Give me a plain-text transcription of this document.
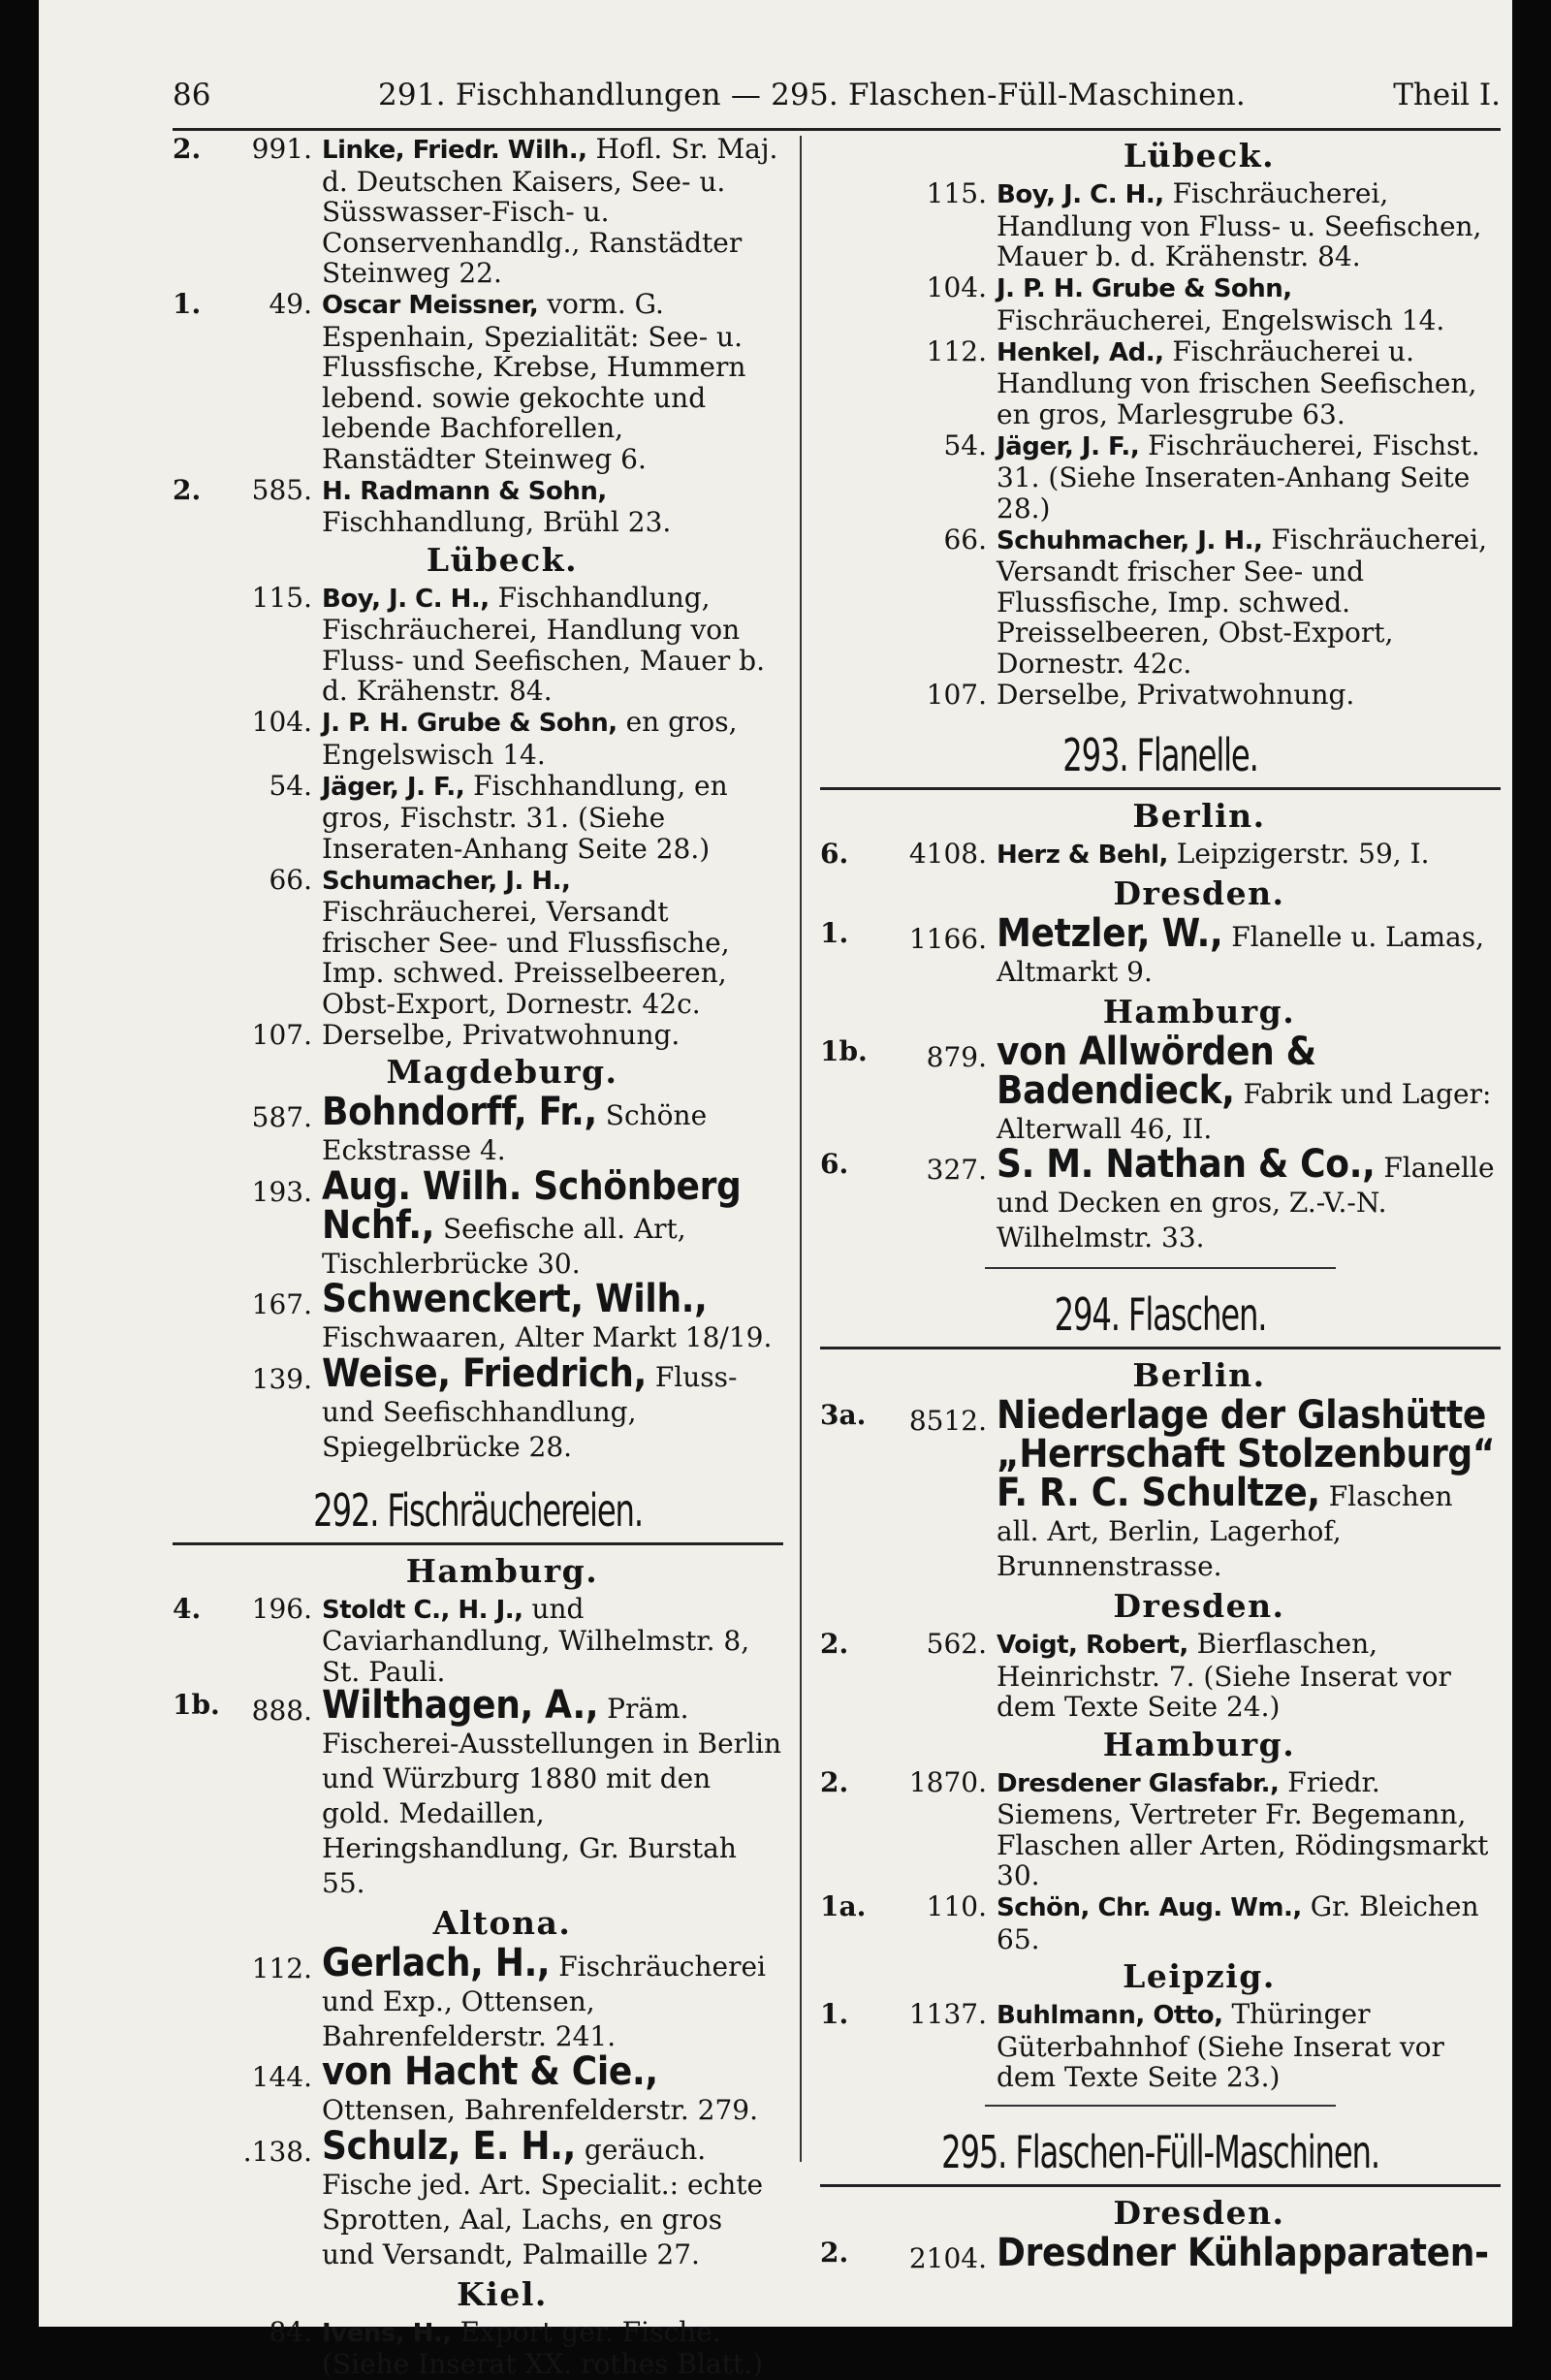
86	291. Fischhandlungen — 295. Flaschen-Füll-Maschinen.	Theil I.
2. 991. Linke, Friedr. Wilh., Hofl. Sr. Maj. d. Deutschen Kaisers, See- u. Süsswasser-Fisch- u. Conservenhandlg., Ranstädter Steinweg 22.
1.	49. Oscar Meissner, vorm. G. Espenhain, Spezialität: See- u. Flussfische, Krebse, Hummern lebend. sowie gekochte und lebende Bachforellen, Ranstädter Steinweg 6.
2. 585. H. Radmann & Sohn, Fischhandlung, Brühl 23.
Lübeck.
115. Boy, J. C. H., Fischhandlung, Fischräucherei, Handlung von Fluss- und Seefischen, Mauer b. d. Krähenstr. 84.
104. J. P. H. Grube & Sohn, en gros, Engelswisch 14.
54. Jäger, J. F., Fischhandlung, en gros, Fischstr. 31. (Siehe Inseraten-Anhang Seite 28.)
66. Schumacher, J. H., Fischräucherei, Versandt frischer See- und Flussfische, Imp. schwed. Preisselbeeren, Obst-Export, Dornestr. 42c.
107. Derselbe, Privatwohnung.
Magdeburg.
587. Bohndorff, Fr., Schöne Eckstrasse 4.
193. Aug. Wilh. Schönberg Nchf., Seefische all. Art, Tischlerbrücke 30.
167. Schwenckert, Wilh., Fischwaaren, Alter Markt 18/19.
139. Weise, Friedrich, Fluss- und Seefischhandlung, Spiegelbrücke 28.
292. Fischräuchereien.
Hamburg.
4. 196. Stoldt C., H. J., und Caviarhandlung, Wilhelmstr. 8, St. Pauli.
1b. 888. Wilthagen, A., Präm. Fischerei-Ausstellungen in Berlin und Würzburg 1880 mit den gold. Medaillen, Heringshandlung, Gr. Burstah 55.
Altona.
112. Gerlach, H., Fischräucherei und Exp., Ottensen, Bahrenfelderstr. 241.
144. von Hacht & Cie., Ottensen, Bahrenfelderstr. 279.
.138. Schulz, E. H., geräuch. Fische jed. Art. Specialit.: echte Sprotten, Aal, Lachs, en gros und Versandt, Palmaille 27.
Kiel.
84. Ivens, H., Export ger. Fische. (Siehe Inserat XX. rothes Blatt.)
Lübeck.
115. Boy, J. C. H., Fischräucherei, Handlung von Fluss- u. Seefischen, Mauer b. d. Krähenstr. 84.
104. J. P. H. Grube & Sohn, Fischräucherei, Engelswisch 14.
112. Henkel, Ad., Fischräucherei u. Handlung von frischen Seefischen, en gros, Marlesgrube 63.
54. Jäger, J. F., Fischräucherei, Fischst. 31. (Siehe Inseraten-Anhang Seite 28.)
66. Schuhmacher, J. H., Fischräucherei, Versandt frischer See- und Flussfische, Imp. schwed. Preisselbeeren, Obst-Export, Dornestr. 42c.
107. Derselbe, Privatwohnung.
293. Flanelle.
Berlin.
6. 4108. Herz & Behl, Leipzigerstr. 59, I.
Dresden.
1. 1166. Metzler, W., Flanelle u. Lamas, Altmarkt 9.
Hamburg.
1b. 879. von Allwörden & Badendieck, Fabrik und Lager: Alterwall 46, II.
6.	327. S. M. Nathan & Co., Flanelle und Decken en gros, Z.-V.-N. Wilhelmstr. 33.
294. Flaschen.
Berlin.
3a. 8512. Niederlage der Glashütte „Herrschaft Stolzenburg“ F. R. C. Schultze, Flaschen all. Art, Berlin, Lagerhof, Brunnenstrasse.
Dresden.
2.	562. Voigt, Robert, Bierflaschen, Heinrichstr. 7. (Siehe Inserat vor dem Texte Seite 24.)
Hamburg.
2. 1870. Dresdener Glasfabr., Friedr. Siemens, Vertreter Fr. Begemann, Flaschen aller Arten, Rödingsmarkt 30.
1a. 110. Schön, Chr. Aug. Wm., Gr. Bleichen 65.
Leipzig.
1. 1137. Buhlmann, Otto, Thüringer Güterbahnhof (Siehe Inserat vor dem Texte Seite 23.)
295. Flaschen-Füll-Maschinen.
Dresden.
2. 2104. Dresdner Kühlapparaten-
